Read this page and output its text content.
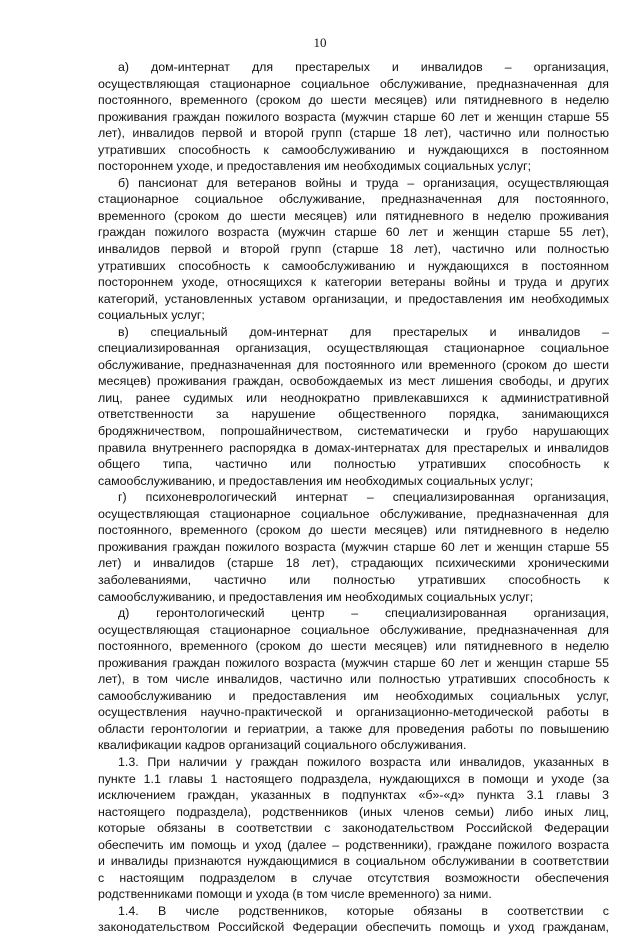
10
а) дом-интернат для престарелых и инвалидов – организация,
осуществляющая стационарное социальное обслуживание, предназначенная для
постоянного, временного (сроком до шести месяцев) или пятидневного в неделю
проживания граждан пожилого возраста (мужчин старше 60 лет и женщин старше 55
лет), инвалидов первой и второй групп (старше 18 лет), частично или полностью
утративших способность к самообслуживанию и нуждающихся в постоянном
постороннем уходе, и предоставления им необходимых социальных услуг;
б) пансионат для ветеранов войны и труда – организация, осуществляющая
стационарное социальное обслуживание, предназначенная для постоянного,
временного (сроком до шести месяцев) или пятидневного в неделю проживания
граждан пожилого возраста (мужчин старше 60 лет и женщин старше 55 лет),
инвалидов первой и второй групп (старше 18 лет), частично или полностью
утративших способность к самообслуживанию и нуждающихся в постоянном
постороннем уходе, относящихся к категории ветераны войны и труда и других
категорий, установленных уставом организации, и предоставления им необходимых
социальных услуг;
в) специальный дом-интернат для престарелых и инвалидов –
специализированная организация, осуществляющая стационарное социальное
обслуживание, предназначенная для постоянного или временного (сроком до шести
месяцев) проживания граждан, освобождаемых из мест лишения свободы, и других
лиц, ранее судимых или неоднократно привлекавшихся к административной
ответственности за нарушение общественного порядка, занимающихся
бродяжничеством, попрошайничеством, систематически и грубо нарушающих
правила внутреннего распорядка в домах-интернатах для престарелых и инвалидов
общего типа, частично или полностью утративших способность к
самообслуживанию, и предоставления им необходимых социальных услуг;
г) психоневрологический интернат – специализированная организация,
осуществляющая стационарное социальное обслуживание, предназначенная для
постоянного, временного (сроком до шести месяцев) или пятидневного в неделю
проживания граждан пожилого возраста (мужчин старше 60 лет и женщин старше 55
лет) и инвалидов (старше 18 лет), страдающих психическими хроническими
заболеваниями, частично или полностью утративших способность к
самообслуживанию, и предоставления им необходимых социальных услуг;
д) геронтологический центр – специализированная организация,
осуществляющая стационарное социальное обслуживание, предназначенная для
постоянного, временного (сроком до шести месяцев) или пятидневного в неделю
проживания граждан пожилого возраста (мужчин старше 60 лет и женщин старше 55
лет), в том числе инвалидов, частично или полностью утративших способность к
самообслуживанию и предоставления им необходимых социальных услуг,
осуществления научно-практической и организационно-методической работы в
области геронтологии и гериатрии, а также для проведения работы по повышению
квалификации кадров организаций социального обслуживания.
1.3. При наличии у граждан пожилого возраста или инвалидов, указанных в
пункте 1.1 главы 1 настоящего подраздела, нуждающихся в помощи и уходе (за
исключением граждан, указанных в подпунктах «б»-«д» пункта 3.1 главы 3
настоящего подраздела), родственников (иных членов семьи) либо иных лиц,
которые обязаны в соответствии с законодательством Российской Федерации
обеспечить им помощь и уход (далее – родственники), граждане пожилого возраста
и инвалиды признаются нуждающимися в социальном обслуживании в соответствии
с настоящим подразделом в случае отсутствия возможности обеспечения
родственниками помощи и ухода (в том числе временного) за ними.
1.4. В числе родственников, которые обязаны в соответствии с
законодательством Российской Федерации обеспечить помощь и уход гражданам,
